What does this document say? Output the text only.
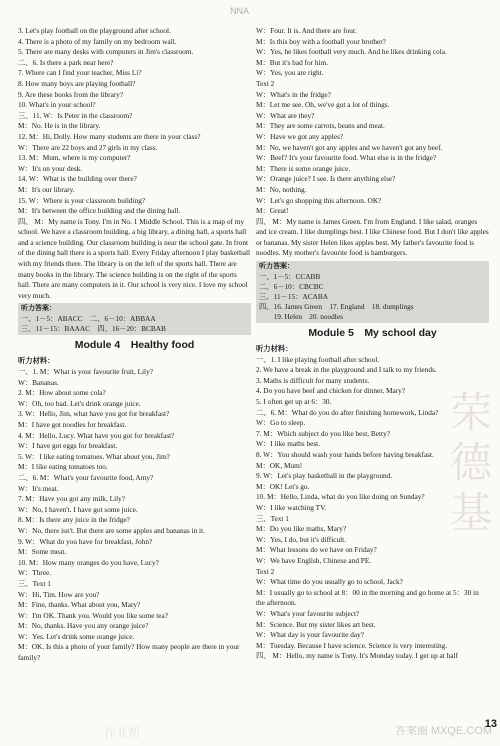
NNA
3. Let's play football on the playground after school.
4. There is a photo of my family on my bedroom wall.
5. There are many desks with computers in Jim's classroom.
二、6. Is there a park near here?
7. Where can I find your teacher, Miss Li?
8. How many boys are playing football?
9. Are these books from the library?
10. What's in your school?
三、11. W：Is Peter in the classroom?
M：No. He is in the library.
12. M：Hi, Dolly. How many students are there in your class?
W：There are 22 boys and 27 girls in my class.
13. M：Mum, where is my computer?
W：It's on your desk.
14. W：What is the building over there?
M：It's our library.
15. W：Where is your classroom building?
M：It's between the office building and the dining hall.
四、 M：My name is Tony. I'm in No. 1 Middle School. This is a map of my school. We have a classroom building, a big library, a dining hall, a sports hall and a science building. Our classroom building is near the school gate. In front of the dining hall there is a sports hall. Every Friday afternoon I play basketball with my friends there. The library is on the left of the sports hall. There are many books in the library. The science building is on the right of the sports hall. There are many computers in it. Our school is very nice. I love my school very much.
听力答案：
一、1－5：ABACC　二、6－10：ABBAA
三、11－15：BAAAC　四、16－20：BCBAB
Module 4　Healthy food
听力材料：
一、1. M：What is your favourite fruit, Lily?
W：Bananas.
2. M：How about some cola?
W：Oh, too bad. Let's drink orange juice.
3. W：Hello, Jim, what have you got for breakfast?
M：I have got noodles for breakfast.
4. M：Hello, Lucy. What have you got for breakfast?
W：I have got eggs for breakfast.
5. W：I like eating tomatoes. What about you, Jim?
M：I like eating tomatoes too.
二、6. M：What's your favourite food, Amy?
W：It's meat.
7. M：Have you got any milk, Lily?
W：No, I haven't. I have got some juice.
8. M：Is there any juice in the fridge?
W：No, there isn't. But there are some apples and bananas in it.
9. W：What do you have for breakfast, John?
M：Some meat.
10. M：How many oranges do you have, Lucy?
W：Three.
三、Text 1
W：Hi, Tim. How are you?
M：Fine, thanks. What about you, Mary?
W：I'm OK. Thank you. Would you like some tea?
M：No, thanks. Have you any orange juice?
W：Yes. Let's drink some orange juice.
M：OK. Is this a photo of your family? How many people are there in your family?
W：Four. It is. And there are four.
M：Is this boy with a football your brother?
W：Yes, he likes football very much. And he likes drinking cola.
M：But it's bad for him.
W：Yes, you are right.
Text 2
W：What's in the fridge?
M：Let me see. Oh, we've got a lot of things.
W：What are they?
M：They are some carrots, beans and meat.
W：Have we got any apples?
M：No, we haven't got any apples and we haven't got any beef.
W：Beef? It's your favourite food. What else is in the fridge?
M：There is some orange juice.
W：Orange juice? I see. Is there anything else?
M：No, nothing.
W：Let's go shopping this afternoon. OK?
M：Great!
四、 M：My name is James Green. I'm from England. I like salad, oranges and ice cream. I like dumplings best. I like Chinese food. But I don't like apples or bananas. My sister Helen likes apples best. My father's favourite food is noodles. My mother's favourite food is hamburgers.
听力答案：
一、1－5：CCABB
二、6－10：CBCBC
三、11－15：ACABA
四、16. James Green　17. England　18. dumplings
　　19. Helen　20. noodles
Module 5　My school day
听力材料：
一、1. I like playing football after school.
2. We have a break in the playground and I talk to my friends.
3. Maths is difficult for many students.
4. Do you have beef and chicken for dinner, Mary?
5. I often get up at 6：30.
二、6. M：What do you do after finishing homework, Linda?
W：Go to sleep.
7. M：Which subject do you like best, Betty?
W：I like maths best.
8. W：You should wash your hands before having breakfast.
M：OK, Mum!
9. W：Let's play basketball in the playground.
M：OK! Let's go.
10. M：Hello, Linda, what do you like doing on Sunday?
W：I like watching TV.
三、Text 1
M：Do you like maths, Mary?
W：Yes, I do, but it's difficult.
M：What lessons do we have on Friday?
W：We have English, Chinese and PE.
Text 2
W：What time do you usually go to school, Jack?
M：I usually go to school at 8：00 in the morning and go home at 5：30 in the afternoon.
W：What's your favourite subject?
M：Science. But my sister likes art best.
W：What day is your favourite day?
M：Tuesday. Because I have science. Science is very interesting.
四、 M：Hello, my name is Tony. It's Monday today. I get up at half
荣
德
基
作业帮	答案圈 MXQE.COM
13
